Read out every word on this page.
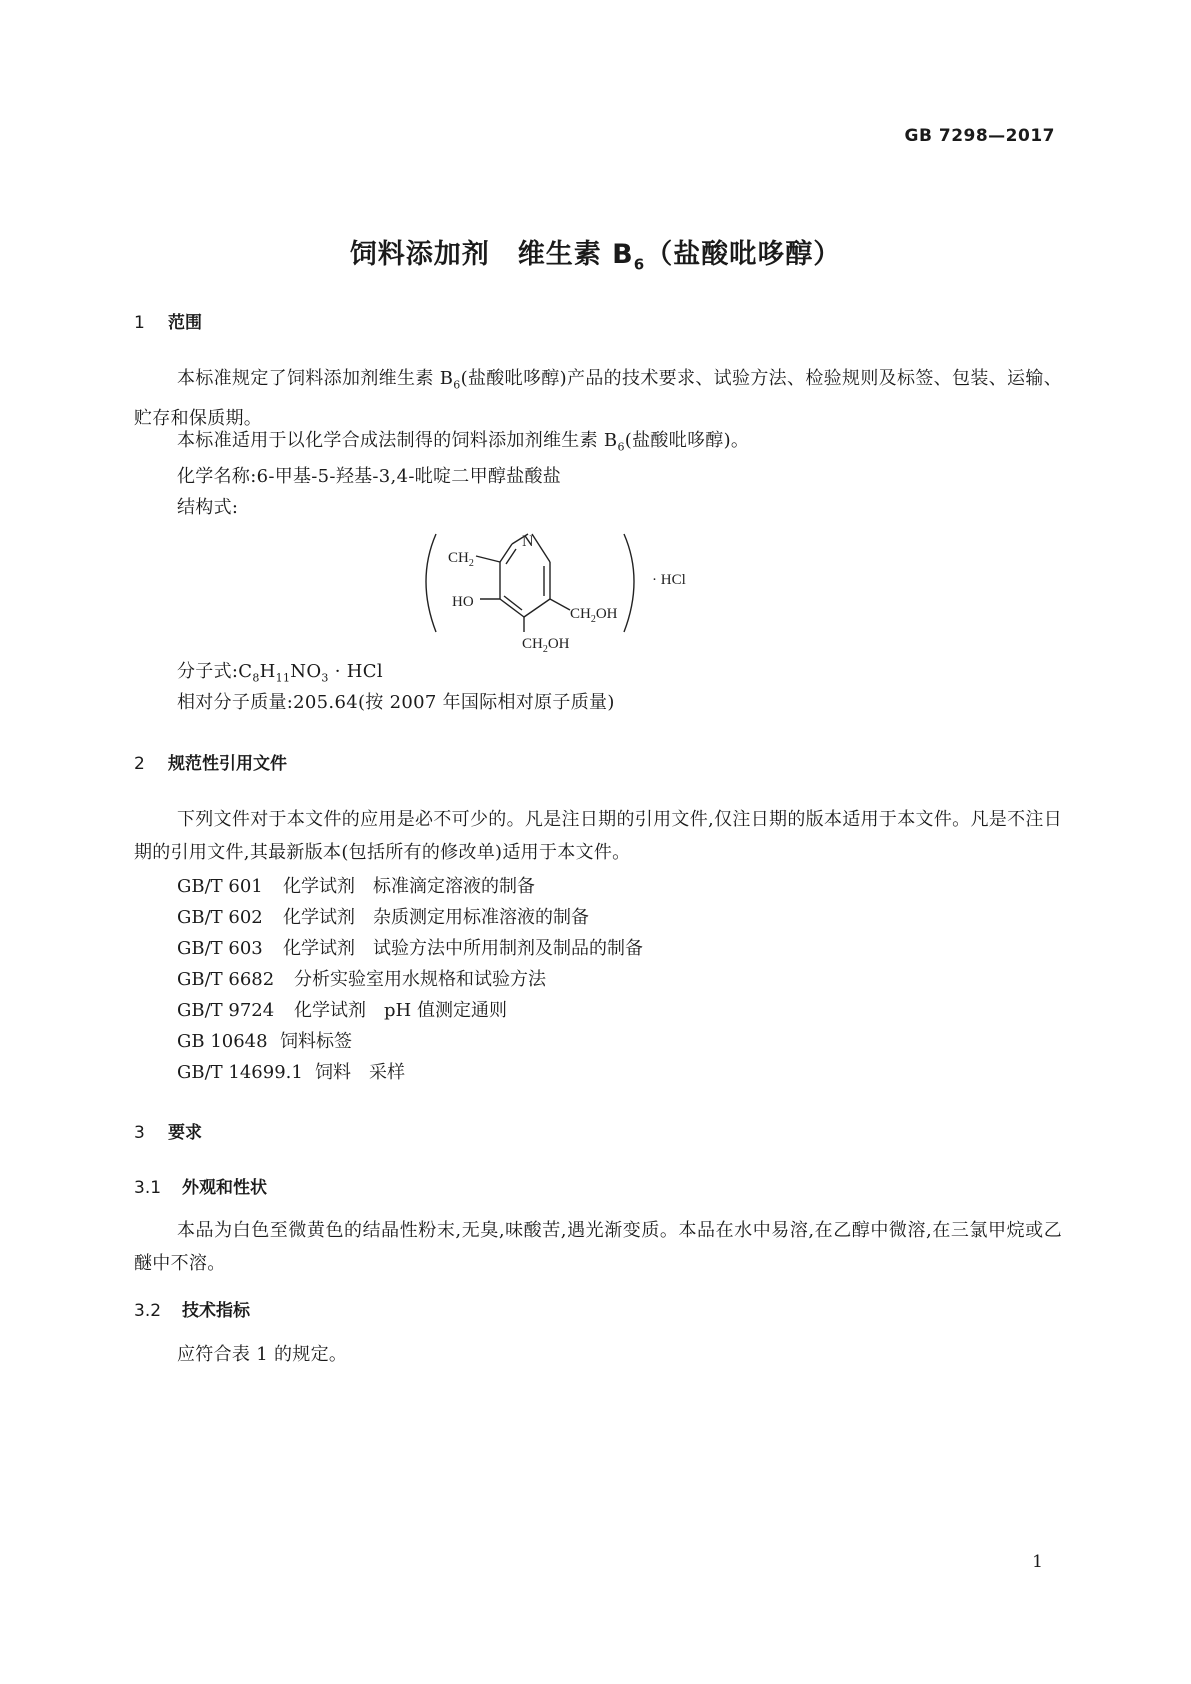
GB 7298—2017
饲料添加剂　维生素 $B_6$（盐酸吡哆醇）
1 范围
本标准规定了饲料添加剂维生素 $B_6$(盐酸吡哆醇)产品的技术要求、试验方法、检验规则及标签、包装、运输、贮存和保质期。
本标准适用于以化学合成法制得的饲料添加剂维生素 $B_6$(盐酸吡哆醇)。
化学名称:6-甲基-5-羟基-3,4-吡啶二甲醇盐酸盐
结构式:
N
$CH_2$
HO
$CH_2OH$
$CH_2OH$
· HCl
分子式$:C_8H_{11}NO_3$ · HCl
相对分子质量:205.64(按 2007 年国际相对原子质量)
2 规范性引用文件
下列文件对于本文件的应用是必不可少的。凡是注日期的引用文件,仅注日期的版本适用于本文件。凡是不注日期的引用文件,其最新版本(包括所有的修改单)适用于本文件。
GB/T 601 化学试剂　标准滴定溶液的制备
GB/T 602 化学试剂　杂质测定用标准溶液的制备
GB/T 603 化学试剂　试验方法中所用制剂及制品的制备
GB/T 6682 分析实验室用水规格和试验方法
GB/T 9724 化学试剂　pH 值测定通则
GB 10648 饲料标签
GB/T 14699.1 饲料　采样
3 要求
3.1 外观和性状
本品为白色至微黄色的结晶性粉末,无臭,味酸苦,遇光渐变质。本品在水中易溶,在乙醇中微溶,在三氯甲烷或乙醚中不溶。
3.2 技术指标
应符合表 1 的规定。
1
